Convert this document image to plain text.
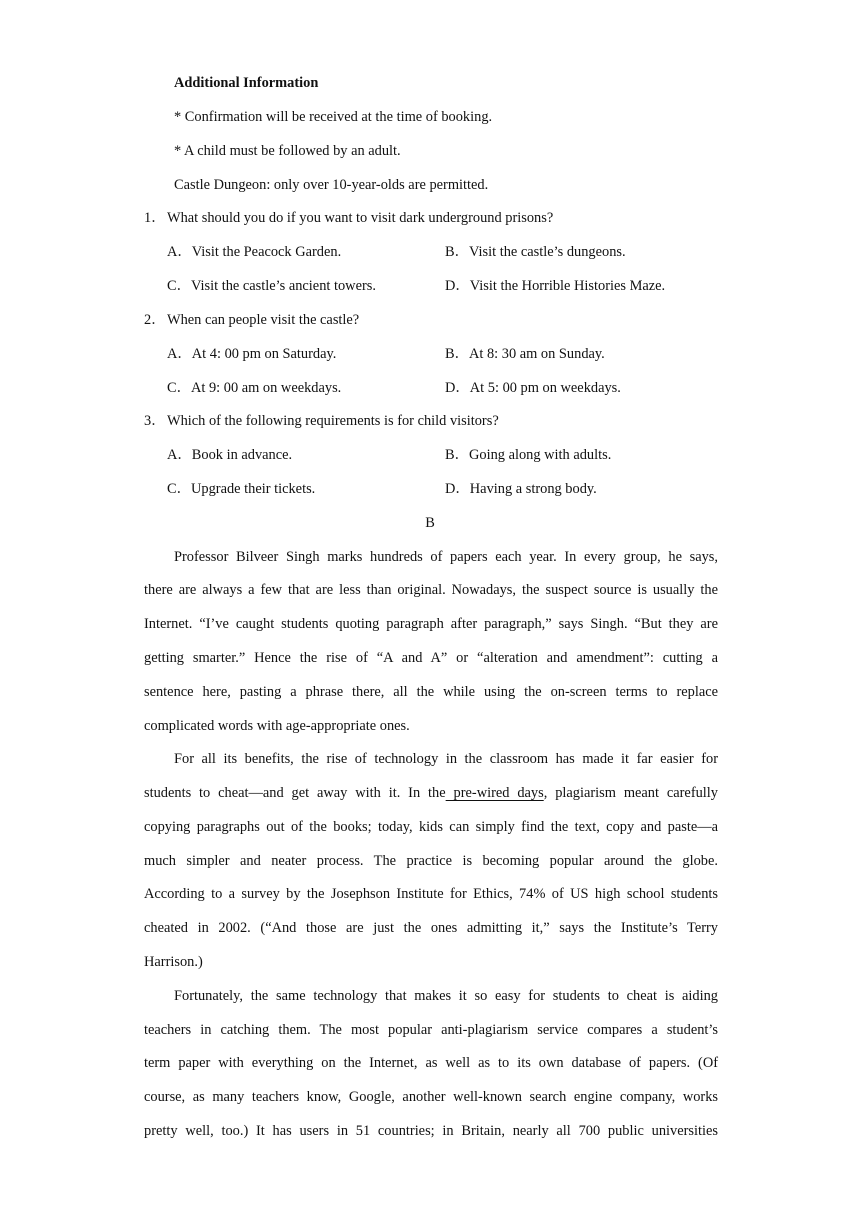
Additional Information
* Confirmation will be received at the time of booking.
* A child must be followed by an adult.
Castle Dungeon: only over 10-year-olds are permitted.
1．What should you do if you want to visit dark underground prisons?
A．Visit the Peacock Garden.	B．Visit the castle’s dungeons.
C．Visit the castle’s ancient towers.	D．Visit the Horrible Histories Maze.
2．When can people visit the castle?
A．At 4: 00 pm on Saturday.	B．At 8: 30 am on Sunday.
C．At 9: 00 am on weekdays.	D．At 5: 00 pm on weekdays.
3．Which of the following requirements is for child visitors?
A．Book in advance.	B．Going along with adults.
C．Upgrade their tickets.	D．Having a strong body.
B
Professor Bilveer Singh marks hundreds of papers each year. In every group, he says,
there are always a few that are less than original. Nowadays, the suspect source is usually the
Internet. “I’ve caught students quoting paragraph after paragraph,” says Singh. “But they are
getting smarter.” Hence the rise of “A and A” or “alteration and amendment”: cutting a
sentence here, pasting a phrase there, all the while using the on-screen terms to replace
complicated words with age-appropriate ones.
For all its benefits, the rise of technology in the classroom has made it far easier for
students to cheat—and get away with it. In the pre-wired days, plagiarism meant carefully
copying paragraphs out of the books; today, kids can simply find the text, copy and paste—a
much simpler and neater process. The practice is becoming popular around the globe.
According to a survey by the Josephson Institute for Ethics, 74% of US high school students
cheated in 2002. (“And those are just the ones admitting it,” says the Institute’s Terry
Harrison.)
Fortunately, the same technology that makes it so easy for students to cheat is aiding
teachers in catching them. The most popular anti-plagiarism service compares a student’s
term paper with everything on the Internet, as well as to its own database of papers. (Of
course, as many teachers know, Google, another well-known search engine company, works
pretty well, too.) It has users in 51 countries; in Britain, nearly all 700 public universities
